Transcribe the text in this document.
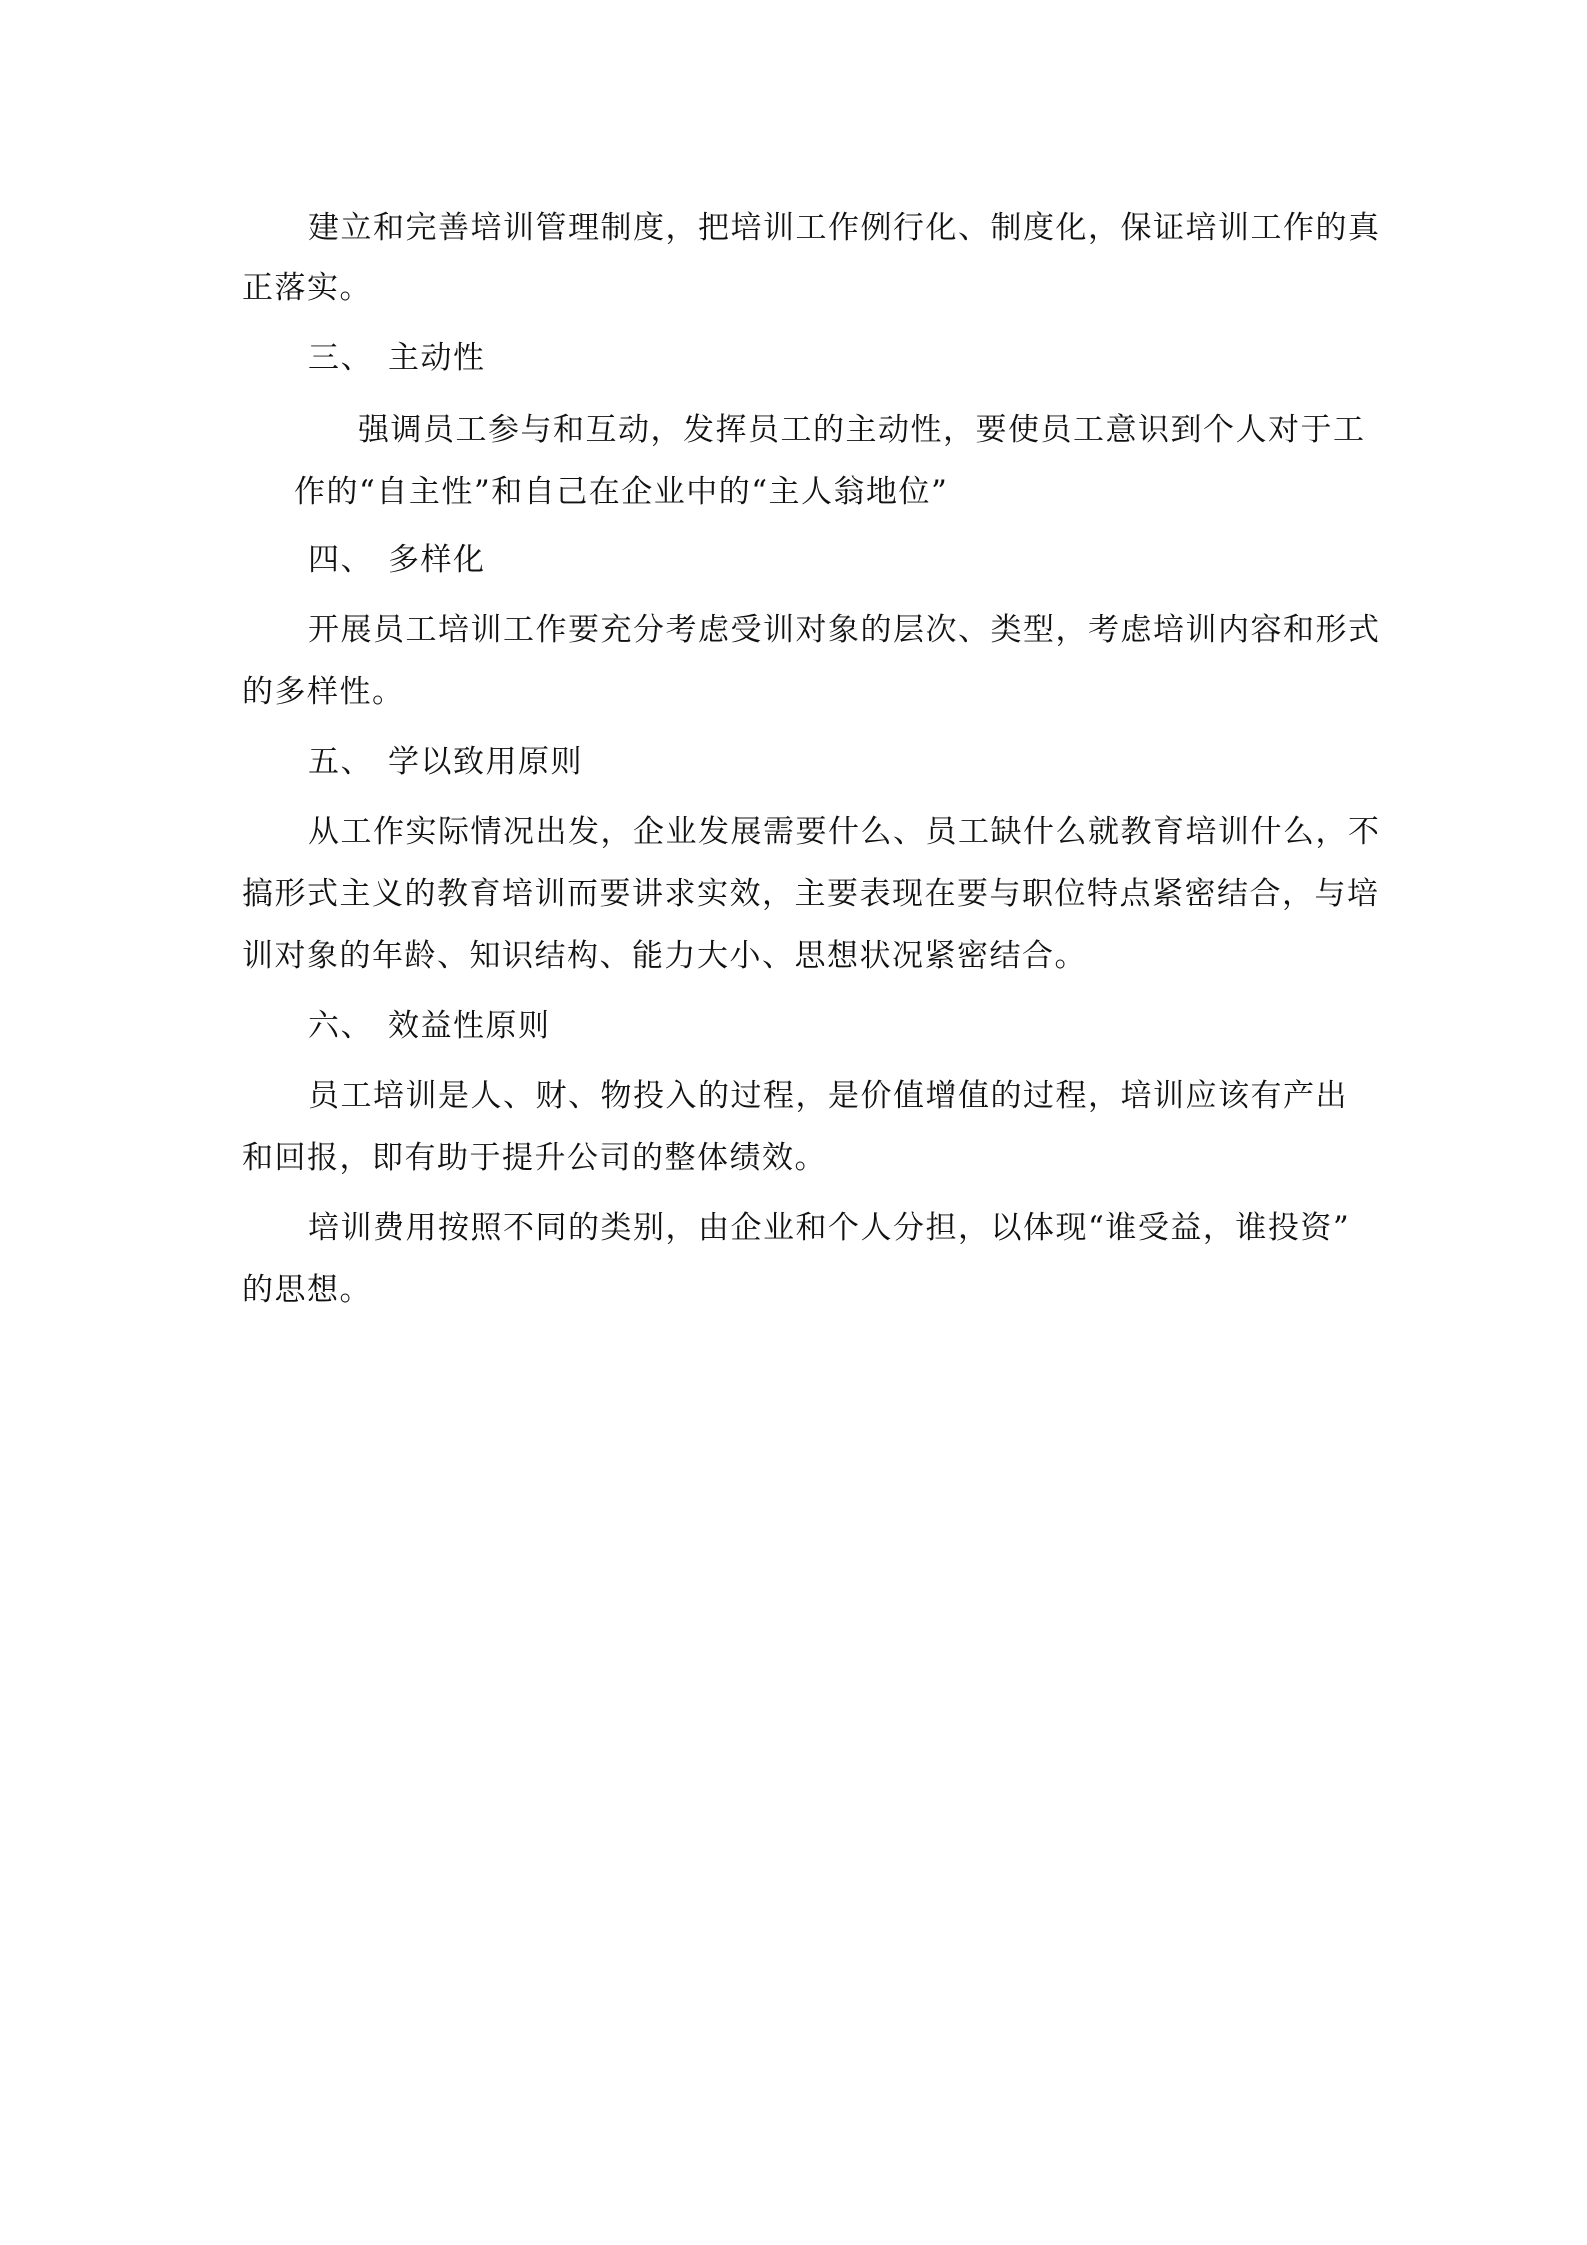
建立和完善培训管理制度，把培训工作例行化、制度化，保证培训工作的真
正落实。
三、 主动性
强调员工参与和互动，发挥员工的主动性，要使员工意识到个人对于工
作的“自主性”和自己在企业中的“主人翁地位”
四、 多样化
开展员工培训工作要充分考虑受训对象的层次、类型，考虑培训内容和形式
的多样性。
五、 学以致用原则
从工作实际情况出发，企业发展需要什么、员工缺什么就教育培训什么，不
搞形式主义的教育培训而要讲求实效，主要表现在要与职位特点紧密结合，与培
训对象的年龄、知识结构、能力大小、思想状况紧密结合。
六、 效益性原则
员工培训是人、财、物投入的过程，是价值增值的过程，培训应该有产出
和回报，即有助于提升公司的整体绩效。
培训费用按照不同的类别，由企业和个人分担，以体现“谁受益，谁投资”
的思想。
